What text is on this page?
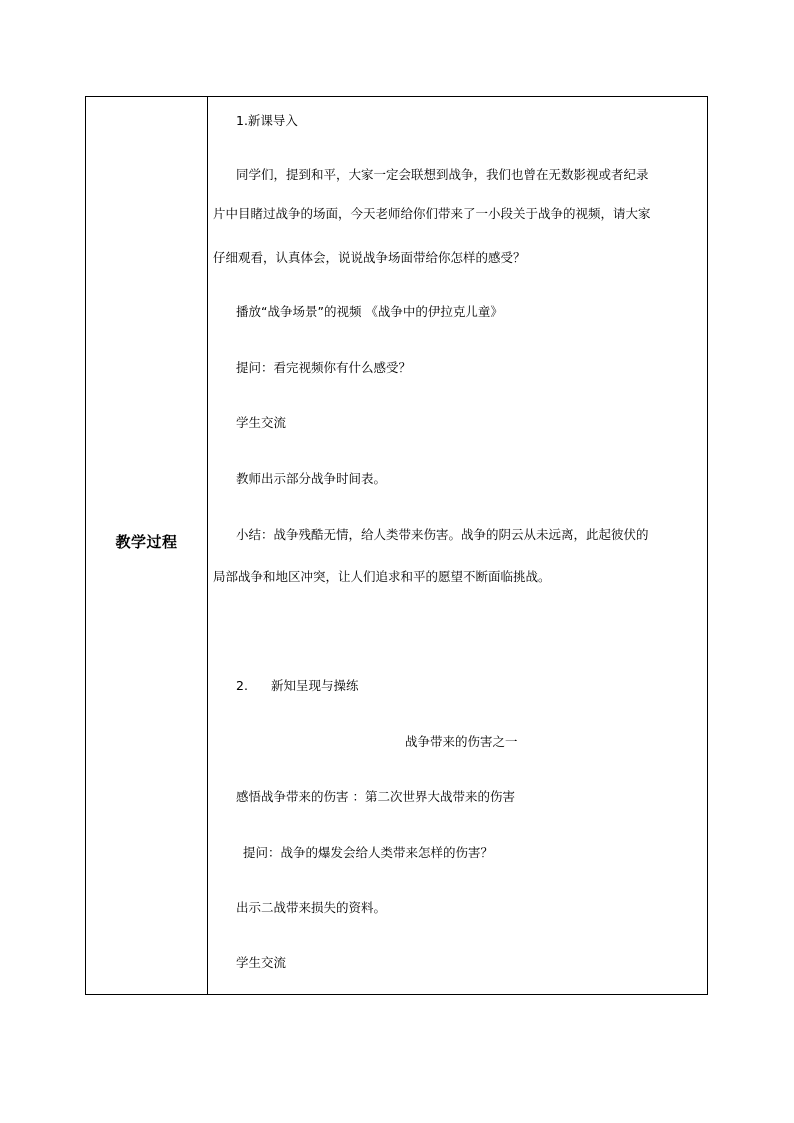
教学过程
1.新课导入
同学们，提到和平，大家一定会联想到战争，我们也曾在无数影视或者纪录
片中目睹过战争的场面，今天老师给你们带来了一小段关于战争的视频，请大家
仔细观看，认真体会，说说战争场面带给你怎样的感受？
播放“战争场景”的视频 《战争中的伊拉克儿童》
提问：看完视频你有什么感受？
学生交流
教师出示部分战争时间表。
小结：战争残酷无情，给人类带来伤害。战争的阴云从未远离，此起彼伏的
局部战争和地区冲突，让人们追求和平的愿望不断面临挑战。
2. 新知呈现与操练
战争带来的伤害之一
感悟战争带来的伤害 ：第二次世界大战带来的伤害
提问：战争的爆发会给人类带来怎样的伤害？
出示二战带来损失的资料。
学生交流
